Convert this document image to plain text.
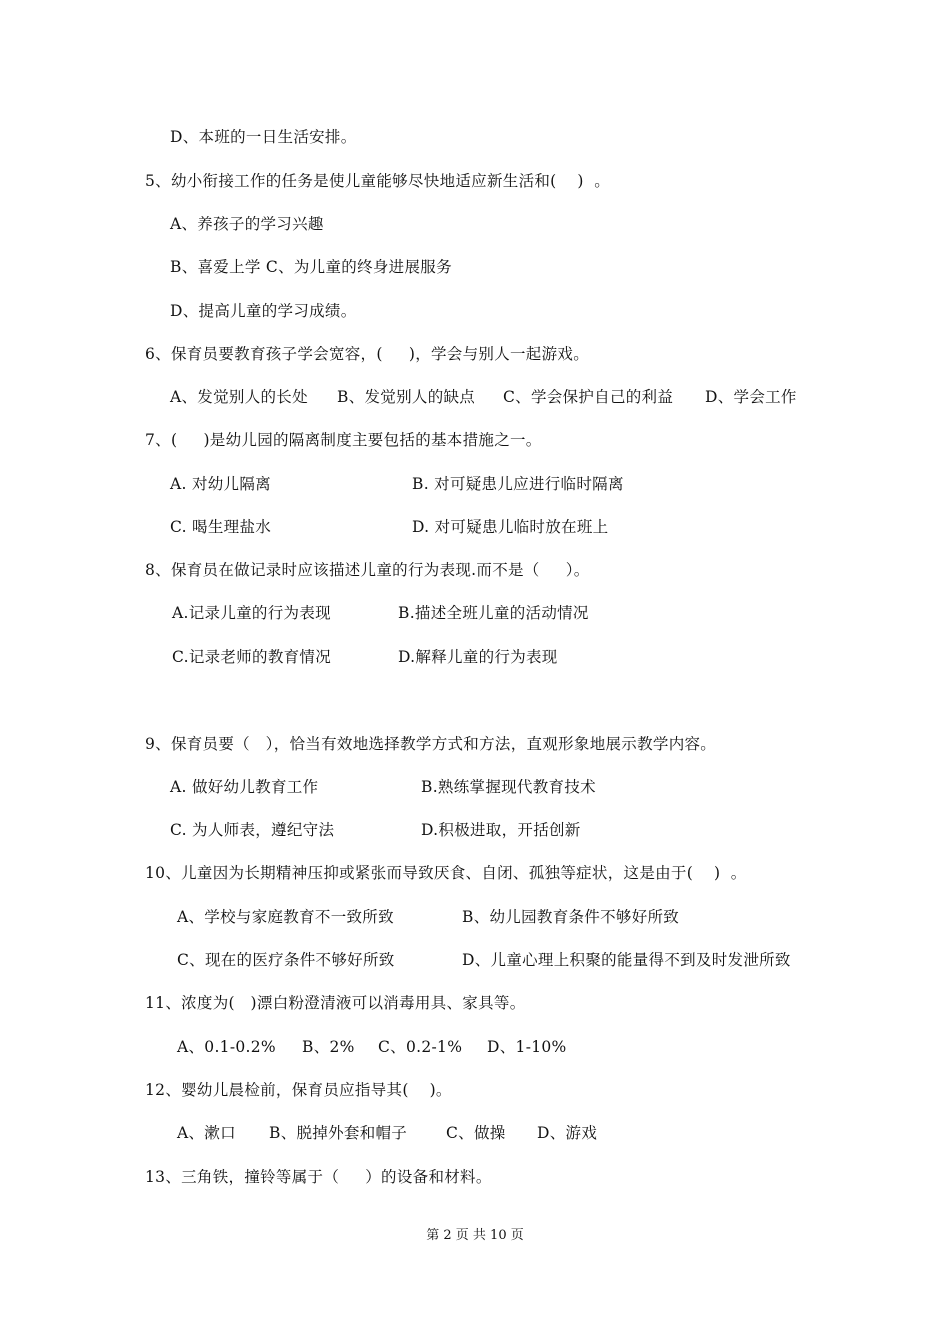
D、本班的一日生活安排。
5、幼小衔接工作的任务是使儿童能够尽快地适应新生活和(    )  。
A、养孩子的学习兴趣
B、喜爱上学 C、为儿童的终身进展服务
D、提高儿童的学习成绩。
6、保育员要教育孩子学会宽容，(     )，学会与别人一起游戏。
A、发觉别人的长处 B、发觉别人的缺点 C、学会保护自己的利益 D、学会工作
7、(     )是幼儿园的隔离制度主要包括的基本措施之一。
A. 对幼儿隔离	B. 对可疑患儿应进行临时隔离
C. 喝生理盐水	D. 对可疑患儿临时放在班上
8、保育员在做记录时应该描述儿童的行为表现.而不是（     ）。
A.记录儿童的行为表现	B.描述全班儿童的活动情况
C.记录老师的教育情况	D.解释儿童的行为表现
9、保育员要（   ），恰当有效地选择教学方式和方法，直观形象地展示教学内容。
A. 做好幼儿教育工作	B.熟练掌握现代教育技术
C. 为人师表，遵纪守法	D.积极进取，开括创新
10、儿童因为长期精神压抑或紧张而导致厌食、自闭、孤独等症状，这是由于(    )  。
A、学校与家庭教育不一致所致	B、幼儿园教育条件不够好所致
C、现在的医疗条件不够好所致	D、儿童心理上积聚的能量得不到及时发泄所致
11、浓度为(   )漂白粉澄清液可以消毒用具、家具等。
A、0.1-0.2% B、2% C、0.2-1% D、1-10%
12、婴幼儿晨检前，保育员应指导其(    )。
A、漱口 B、脱掉外套和帽子	C、做操 D、游戏
13、三角铁，撞铃等属于（     ）的设备和材料。
第 2 页 共 10 页
